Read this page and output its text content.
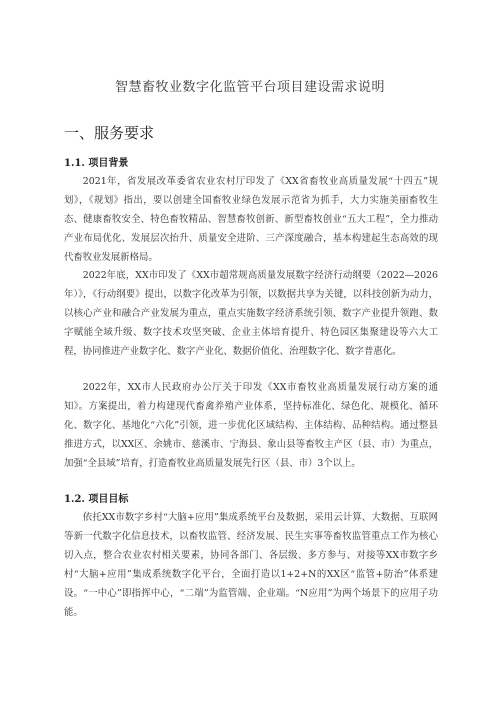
智慧畜牧业数字化监管平台项目建设需求说明
一、服务要求
1.1. 项目背景

2021年，省发展改革委省农业农村厅印发了《XX省畜牧业高质量发展“十四五”规划》，《规划》指出，要以创建全国畜牧业绿色发展示范省为抓手，大力实施美丽畜牧生态、健康畜牧安全、特色畜牧精品、智慧畜牧创新、新型畜牧创业“五大工程”，全力推动产业布局优化、发展层次抬升、质量安全进阶、三产深度融合，基本构建起生态高效的现代畜牧业发展新格局。

2022年底，XX市印发了《XX市超常规高质量发展数字经济行动纲要（2022—2026年）》，《行动纲要》提出，以数字化改革为引领，以数据共享为关键，以科技创新为动力，以核心产业和融合产业发展为重点，重点实施数字经济系统引领、数字产业提升领跑、数字赋能全域升级、数字技术攻坚突破、企业主体培育提升、特色园区集聚建设等六大工程，协同推进产业数字化、数字产业化、数据价值化、治理数字化、数字普惠化。

2022年，XX市人民政府办公厅关于印发《XX市畜牧业高质量发展行动方案的通知》。方案提出，着力构建现代畜禽养殖产业体系，坚持标准化、绿色化、规模化、循环化、数字化、基地化“六化”引领，进一步优化区域结构、主体结构、品种结构。通过整县推进方式，以XX区、余姚市、慈溪市、宁海县、象山县等畜牧主产区（县、市）为重点，加强“全县域”培育，打造畜牧业高质量发展先行区（县、市）3个以上。

1.2. 项目目标

依托XX市数字乡村“大脑+应用”集成系统平台及数据，采用云计算、大数据、互联网等新一代数字化信息技术，以畜牧监管、经济发展、民生实事等畜牧监管重点工作为核心切入点，整合农业农村相关要素，协同各部门、各层级、多方参与、对接等XX市数字乡村“大脑+应用”集成系统数字化平台，全面打造以1+2+N的XX区“监管+防治”体系建设。“一中心”即指挥中心，“二端”为监管端、企业端。“N应用”为两个场景下的应用子功能。
